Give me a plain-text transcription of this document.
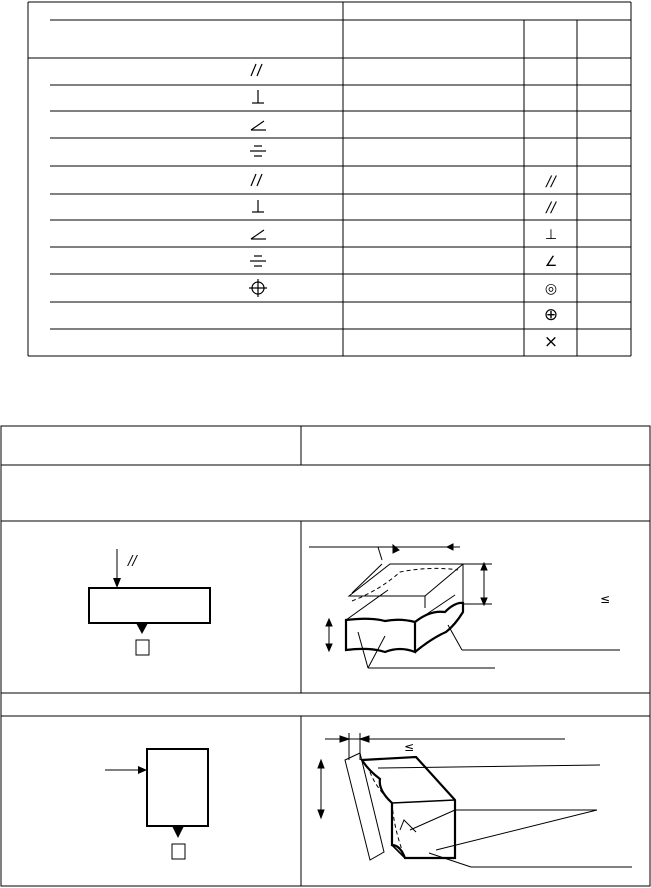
//
//
⊥
∠
◎
⊕
×
//
≤
≤
